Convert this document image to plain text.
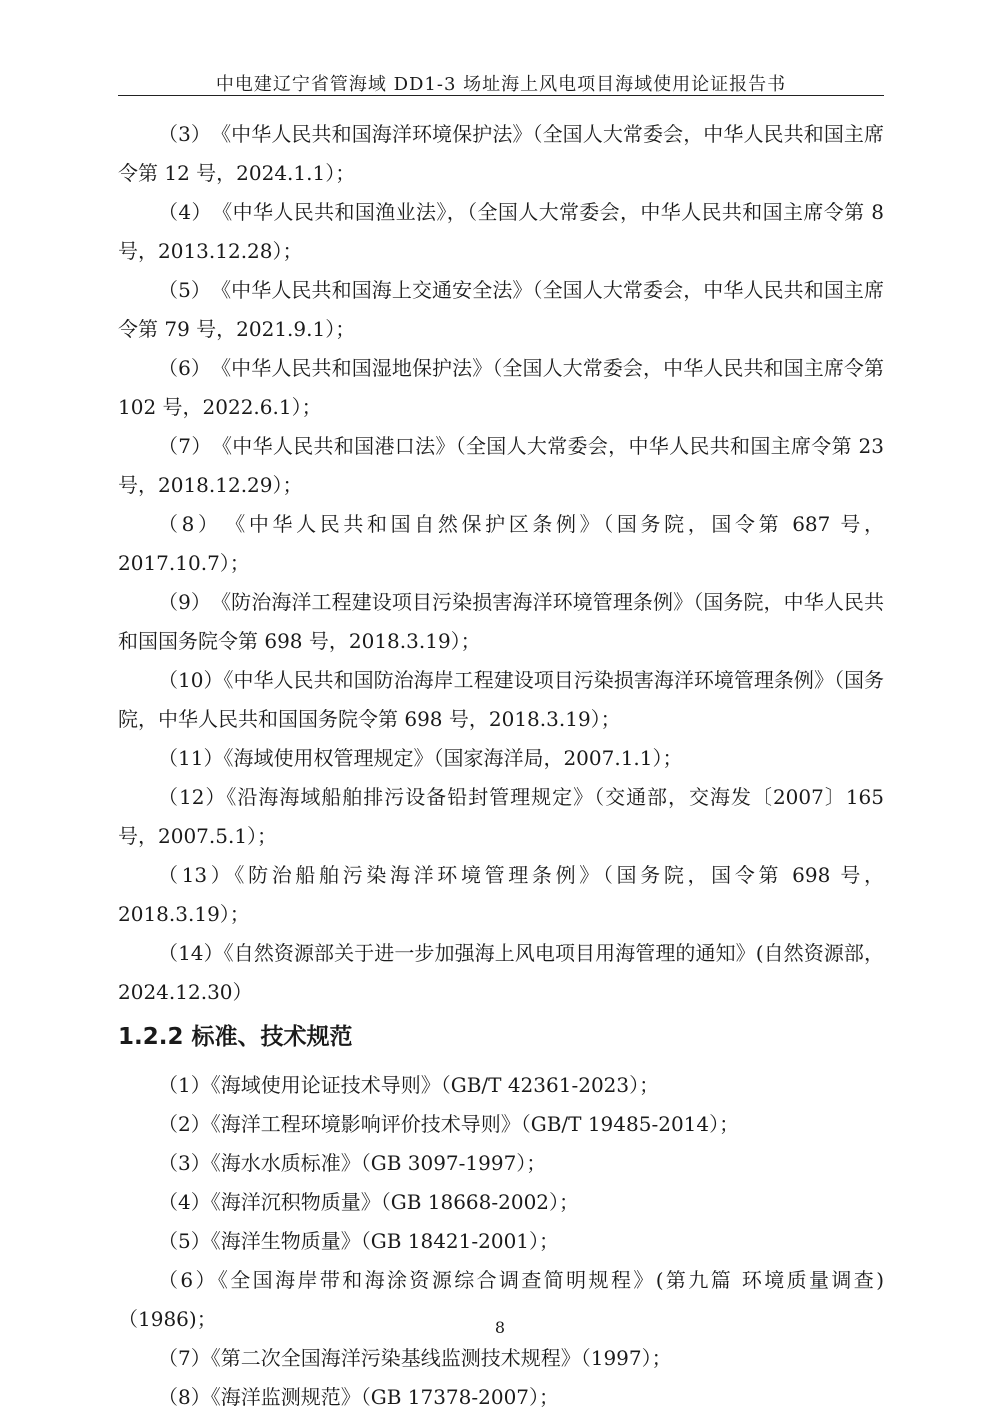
中电建辽宁省管海域 DD1-3 场址海上风电项目海域使用论证报告书

（3）　《中华人民共和国海洋环境保护法》（全国人大常委会，中华人民共和国主席令第 12 号，2024.1.1）；

（4）　《中华人民共和国渔业法》，（全国人大常委会，中华人民共和国主席令第 8 号，2013.12.28）；

（5）　《中华人民共和国海上交通安全法》（全国人大常委会，中华人民共和国主席令第 79 号，2021.9.1）；

（6）　《中华人民共和国湿地保护法》（全国人大常委会，中华人民共和国主席令第 102 号，2022.6.1）；

（7）　《中华人民共和国港口法》（全国人大常委会，中华人民共和国主席令第 23 号，2018.12.29）；

（8）　《中华人民共和国自然保护区条例》（国务院，国令第 687 号，2017.10.7）；

（9）　《防治海洋工程建设项目污染损害海洋环境管理条例》（国务院，中华人民共和国国务院令第 698 号，2018.3.19）；

（10）《中华人民共和国防治海岸工程建设项目污染损害海洋环境管理条例》（国务院，中华人民共和国国务院令第 698 号，2018.3.19）；

（11）《海域使用权管理规定》（国家海洋局，2007.1.1）；

（12）《沿海海域船舶排污设备铅封管理规定》（交通部，交海发〔2007〕165 号，2007.5.1）；

（13）《防治船舶污染海洋环境管理条例》（国务院，国令第 698 号，2018.3.19）；

（14）《自然资源部关于进一步加强海上风电项目用海管理的通知》(自然资源部，2024.12.30）

1.2.2 标准、技术规范

（1）《海域使用论证技术导则》（GB/T 42361-2023）；

（2）《海洋工程环境影响评价技术导则》（GB/T 19485-2014）；

（3）《海水水质标准》（GB 3097-1997）；

（4）《海洋沉积物质量》（GB 18668-2002）；

（5）《海洋生物质量》（GB 18421-2001）；

（6）《全国海岸带和海涂资源综合调查简明规程》(第九篇 环境质量调查)（1986)；

（7）《第二次全国海洋污染基线监测技术规程》（1997）；

（8）《海洋监测规范》（GB 17378-2007）；

8
